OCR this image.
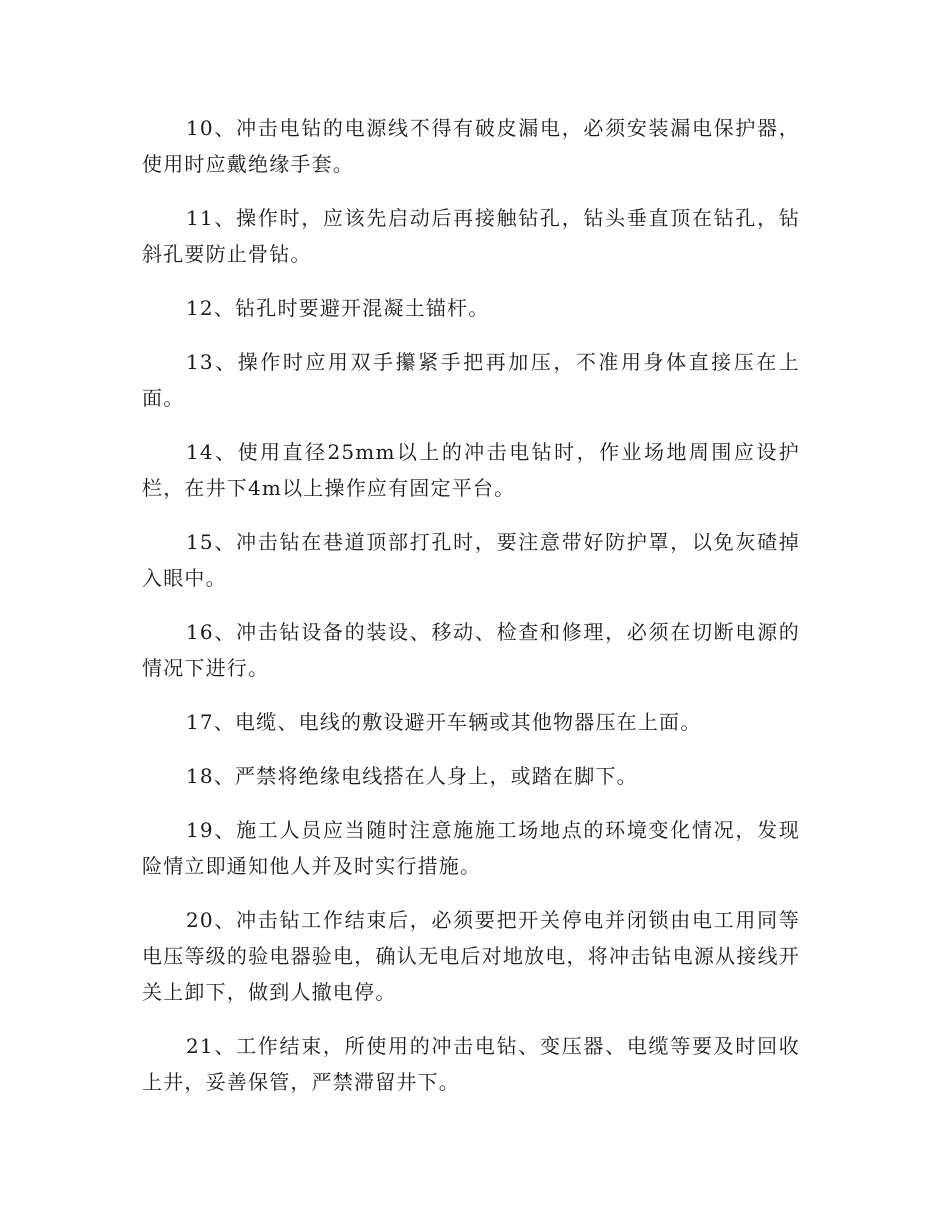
10、冲击电钻的电源线不得有破皮漏电，必须安装漏电保护器，使用时应戴绝缘手套。

11、操作时，应该先启动后再接触钻孔，钻头垂直顶在钻孔，钻斜孔要防止骨钻。

12、钻孔时要避开混凝土锚杆。

13、操作时应用双手攥紧手把再加压，不准用身体直接压在上面。

14、使用直径25mm以上的冲击电钻时，作业场地周围应设护栏，在井下4m以上操作应有固定平台。

15、冲击钻在巷道顶部打孔时，要注意带好防护罩，以免灰碴掉入眼中。

16、冲击钻设备的装设、移动、检查和修理，必须在切断电源的情况下进行。

17、电缆、电线的敷设避开车辆或其他物器压在上面。

18、严禁将绝缘电线搭在人身上，或踏在脚下。

19、施工人员应当随时注意施施工场地点的环境变化情况，发现险情立即通知他人并及时实行措施。

20、冲击钻工作结束后，必须要把开关停电并闭锁由电工用同等电压等级的验电器验电，确认无电后对地放电，将冲击钻电源从接线开关上卸下，做到人撤电停。

21、工作结束，所使用的冲击电钻、变压器、电缆等要及时回收上井，妥善保管，严禁滞留井下。
